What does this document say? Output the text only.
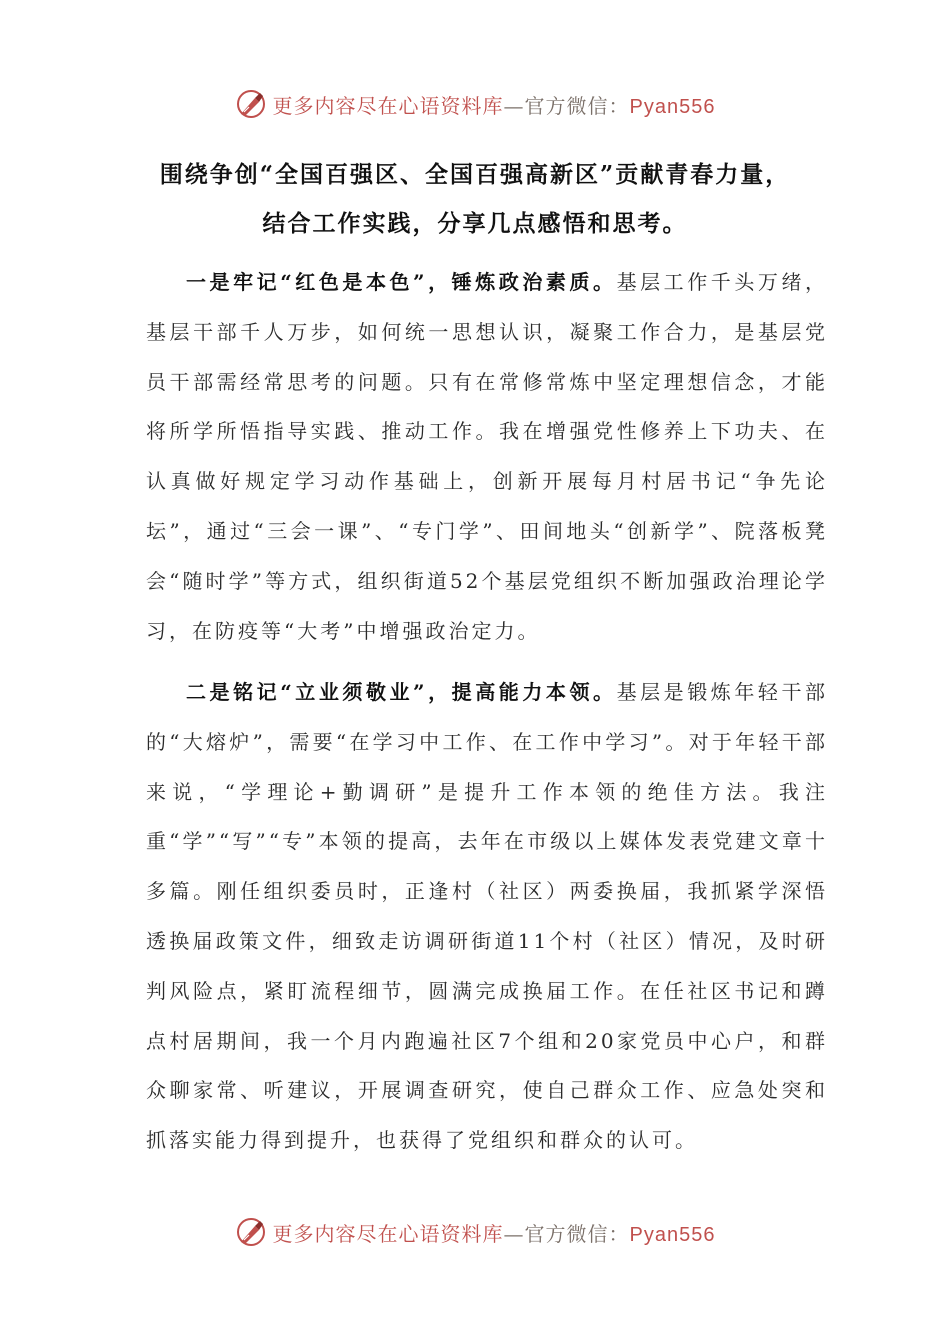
更多内容尽在心语资料库—官方微信：Pyan556
围绕争创“全国百强区、全国百强高新区”贡献青春力量，
结合工作实践，分享几点感悟和思考。

一是牢记“红色是本色”，锤炼政治素质。基层工作千头万绪，基层干部千人万步，如何统一思想认识，凝聚工作合力，是基层党员干部需经常思考的问题。只有在常修常炼中坚定理想信念，才能将所学所悟指导实践、推动工作。我在增强党性修养上下功夫、在认真做好规定学习动作基础上，创新开展每月村居书记“争先论坛”，通过“三会一课”、“专门学”、田间地头“创新学”、院落板凳会“随时学”等方式，组织街道52个基层党组织不断加强政治理论学习，在防疫等“大考”中增强政治定力。

二是铭记“立业须敬业”，提高能力本领。基层是锻炼年轻干部的“大熔炉”，需要“在学习中工作、在工作中学习”。对于年轻干部来说，“学理论+勤调研”是提升工作本领的绝佳方法。我注重“学”“写”“专”本领的提高，去年在市级以上媒体发表党建文章十多篇。刚任组织委员时，正逢村（社区）两委换届，我抓紧学深悟透换届政策文件，细致走访调研街道11个村（社区）情况，及时研判风险点，紧盯流程细节，圆满完成换届工作。在任社区书记和蹲点村居期间，我一个月内跑遍社区7个组和20家党员中心户，和群众聊家常、听建议，开展调查研究，使自己群众工作、应急处突和抓落实能力得到提升，也获得了党组织和群众的认可。

更多内容尽在心语资料库—官方微信：Pyan556
